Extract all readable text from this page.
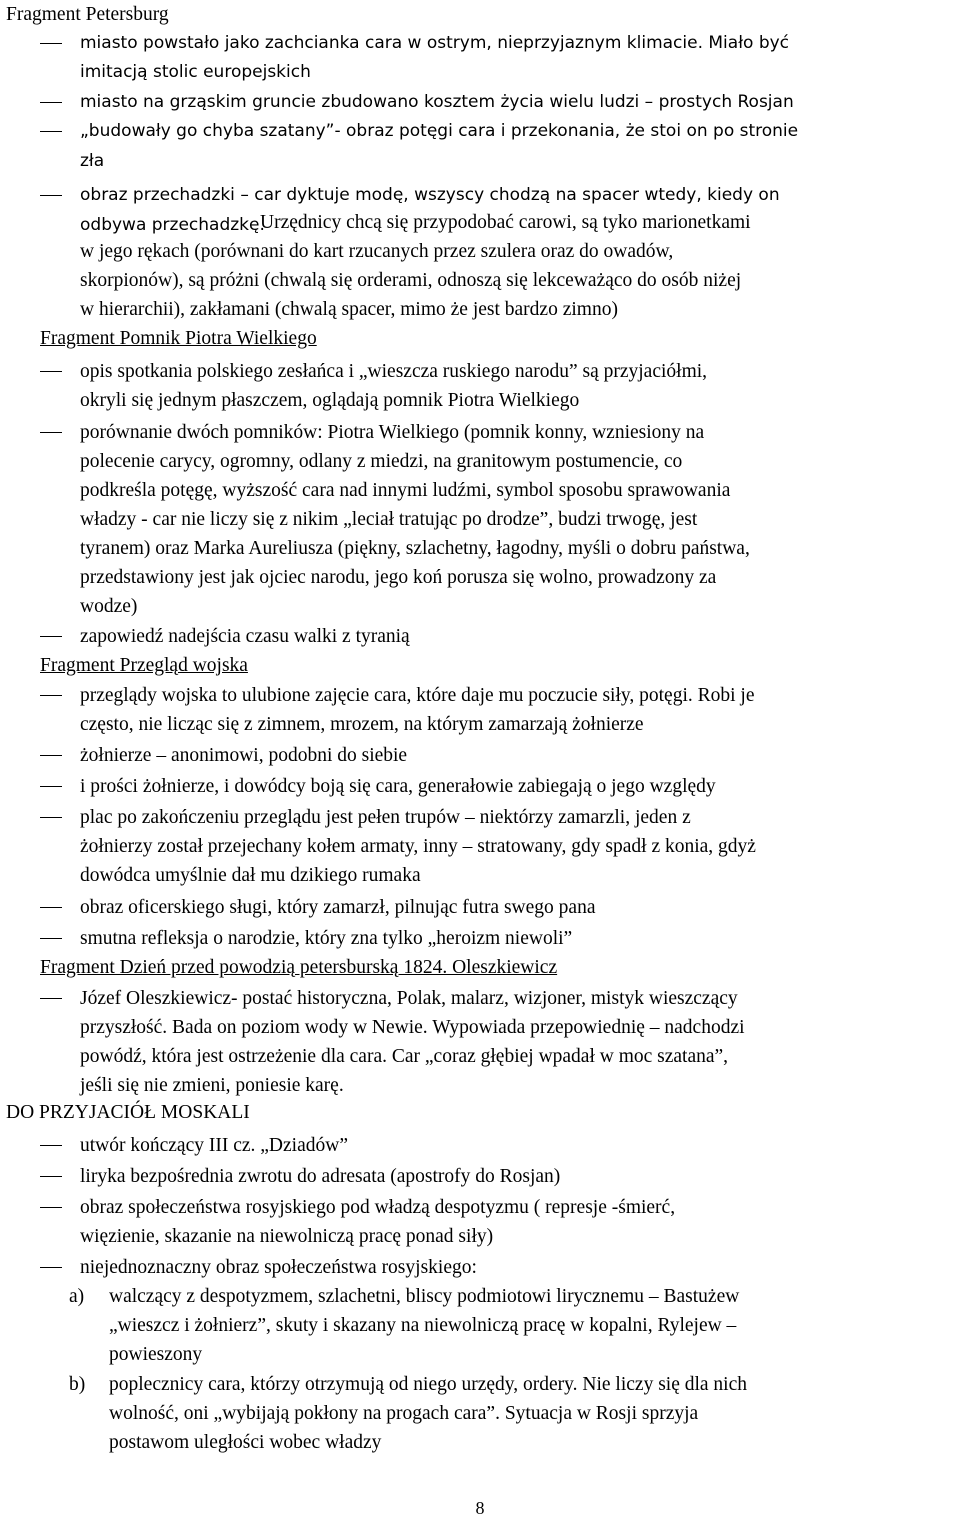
Fragment Petersburg
miasto powstało jako zachcianka cara w ostrym, nieprzyjaznym klimacie. Miało być
imitacją stolic europejskich
miasto na grząskim gruncie zbudowano kosztem życia wielu ludzi – prostych Rosjan
„budowały go chyba szatany”- obraz potęgi cara i przekonania, że stoi on po stronie
zła
obraz przechadzki – car dyktuje modę, wszyscy chodzą na spacer wtedy, kiedy on
odbywa przechadzkę.
Urzędnicy chcą się przypodobać carowi, są tyko marionetkami
w jego rękach (porównani do kart rzucanych przez szulera oraz do owadów,
skorpionów), są próżni (chwalą się orderami, odnoszą się lekceważąco do osób niżej
w hierarchii), zakłamani (chwalą spacer, mimo że jest bardzo zimno)
Fragment Pomnik Piotra Wielkiego
opis spotkania polskiego zesłańca i „wieszcza ruskiego narodu” są przyjaciółmi,
okryli się jednym płaszczem, oglądają pomnik Piotra Wielkiego
porównanie dwóch pomników: Piotra Wielkiego (pomnik konny, wzniesiony na
polecenie carycy, ogromny, odlany z miedzi, na granitowym postumencie, co
podkreśla potęgę, wyższość cara nad innymi ludźmi, symbol sposobu sprawowania
władzy - car nie liczy się z nikim „leciał tratując po drodze”, budzi trwogę, jest
tyranem) oraz Marka Aureliusza (piękny, szlachetny, łagodny, myśli o dobru państwa,
przedstawiony jest jak ojciec narodu, jego koń porusza się wolno, prowadzony za
wodze)
zapowiedź nadejścia czasu walki z tyranią
Fragment Przegląd wojska
przeglądy wojska to ulubione zajęcie cara, które daje mu poczucie siły, potęgi. Robi je
często, nie licząc się z zimnem, mrozem, na którym zamarzają żołnierze
żołnierze – anonimowi, podobni do siebie
i prości żołnierze, i dowódcy boją się cara, generałowie zabiegają o jego względy
plac po zakończeniu przeglądu jest pełen trupów – niektórzy zamarzli, jeden z
żołnierzy został przejechany kołem armaty, inny – stratowany, gdy spadł z konia, gdyż
dowódca umyślnie dał mu dzikiego rumaka
obraz oficerskiego sługi, który zamarzł, pilnując futra swego pana
smutna refleksja o narodzie, który zna tylko „heroizm niewoli”
Fragment Dzień przed powodzią petersburską 1824. Oleszkiewicz
Józef Oleszkiewicz- postać historyczna, Polak, malarz, wizjoner, mistyk wieszczący
przyszłość. Bada on poziom wody w Newie. Wypowiada przepowiednię – nadchodzi
powódź, która jest ostrzeżenie dla cara. Car „coraz głębiej wpadał w moc szatana”,
jeśli się nie zmieni, poniesie karę.
DO PRZYJACIÓŁ MOSKALI
utwór kończący III cz. „Dziadów”
liryka bezpośrednia zwrotu do adresata (apostrofy do Rosjan)
obraz społeczeństwa rosyjskiego pod władzą despotyzmu ( represje -śmierć,
więzienie, skazanie na niewolniczą pracę ponad siły)
niejednoznaczny obraz społeczeństwa rosyjskiego:
a) walczący z despotyzmem, szlachetni, bliscy podmiotowi lirycznemu – Bastużew
„wieszcz i żołnierz”, skuty i skazany na niewolniczą pracę w kopalni, Rylejew –
powieszony
b) poplecznicy cara, którzy otrzymują od niego urzędy, ordery. Nie liczy się dla nich
wolność, oni „wybijają pokłony na progach cara”. Sytuacja w Rosji sprzyja
postawom uległości wobec władzy
8
